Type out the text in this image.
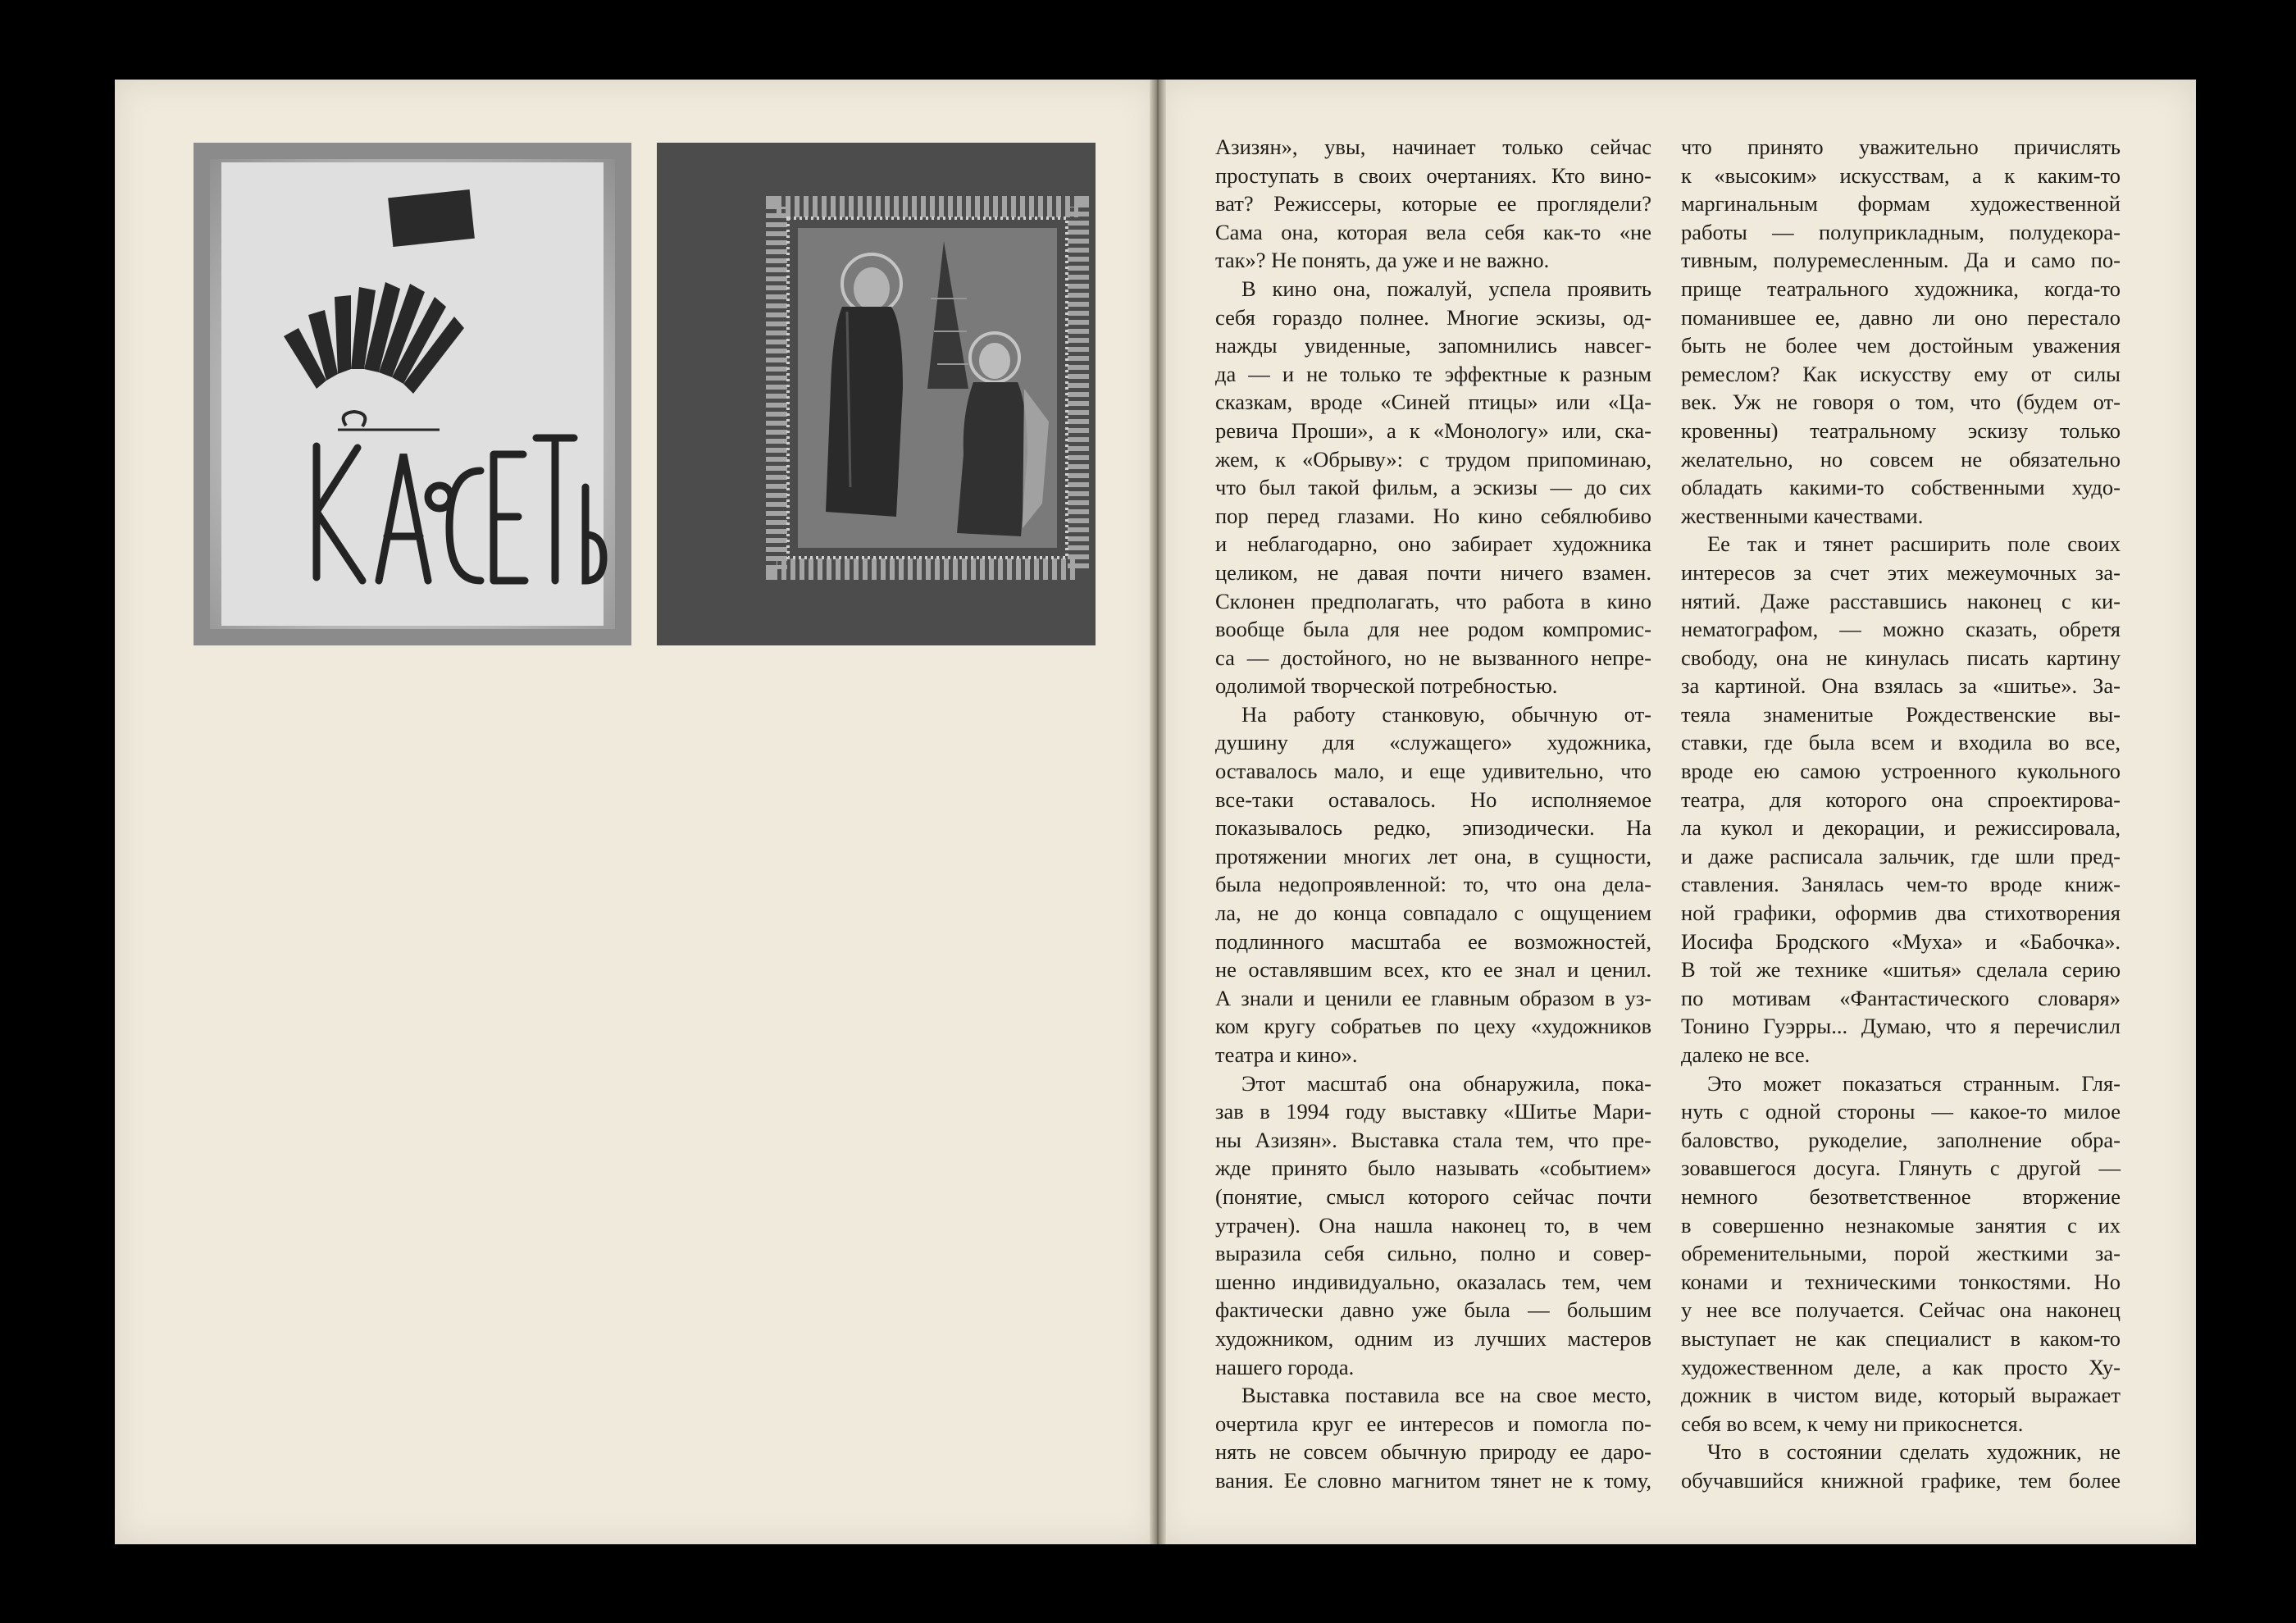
Азизян», увы, начинает только сейчас

проступать в своих очертаниях. Кто вино-

ват? Режиссеры, которые ее проглядели?

Сама она, которая вела себя как-то «не

так»? Не понять, да уже и не важно.

В кино она, пожалуй, успела проявить

себя гораздо полнее. Многие эскизы, од-

нажды увиденные, запомнились навсег-

да — и не только те эффектные к разным

сказкам, вроде «Синей птицы» или «Ца-

ревича Проши», а к «Монологу» или, ска-

жем, к «Обрыву»: с трудом припоминаю,

что был такой фильм, а эскизы — до сих

пор перед глазами. Но кино себялюбиво

и неблагодарно, оно забирает художника

целиком, не давая почти ничего взамен.

Склонен предполагать, что работа в кино

вообще была для нее родом компромис-

са — достойного, но не вызванного непре-

одолимой творческой потребностью.

На работу станковую, обычную от-

душину для «служащего» художника,

оставалось мало, и еще удивительно, что

все-таки оставалось. Но исполняемое

показывалось редко, эпизодически. На

протяжении многих лет она, в сущности,

была недопроявленной: то, что она дела-

ла, не до конца совпадало с ощущением

подлинного масштаба ее возможностей,

не оставлявшим всех, кто ее знал и ценил.

А знали и ценили ее главным образом в уз-

ком кругу собратьев по цеху «художников

театра и кино».

Этот масштаб она обнаружила, пока-

зав в 1994 году выставку «Шитье Мари-

ны Азизян». Выставка стала тем, что пре-

жде принято было называть «событием»

(понятие, смысл которого сейчас почти

утрачен). Она нашла наконец то, в чем

выразила себя сильно, полно и совер-

шенно индивидуально, оказалась тем, чем

фактически давно уже была — большим

художником, одним из лучших мастеров

нашего города.

Выставка поставила все на свое место,

очертила круг ее интересов и помогла по-

нять не совсем обычную природу ее даро-

вания. Ее словно магнитом тянет не к тому,

что принято уважительно причислять

к «высоким» искусствам, а к каким-то

маргинальным формам художественной

работы — полуприкладным, полудекора-

тивным, полуремесленным. Да и само по-

прище театрального художника, когда-то

поманившее ее, давно ли оно перестало

быть не более чем достойным уважения

ремеслом? Как искусству ему от силы

век. Уж не говоря о том, что (будем от-

кровенны) театральному эскизу только

желательно, но совсем не обязательно

обладать какими-то собственными худо-

жественными качествами.

Ее так и тянет расширить поле своих

интересов за счет этих межеумочных за-

нятий. Даже расставшись наконец с ки-

нематографом, — можно сказать, обретя

свободу, она не кинулась писать картину

за картиной. Она взялась за «шитье». За-

теяла знаменитые Рождественские вы-

ставки, где была всем и входила во все,

вроде ею самою устроенного кукольного

театра, для которого она спроектирова-

ла кукол и декорации, и режиссировала,

и даже расписала зальчик, где шли пред-

ставления. Занялась чем-то вроде книж-

ной графики, оформив два стихотворения

Иосифа Бродского «Муха» и «Бабочка».

В той же технике «шитья» сделала серию

по мотивам «Фантастического словаря»

Тонино Гуэрры... Думаю, что я перечислил

далеко не все.

Это может показаться странным. Гля-

нуть с одной стороны — какое-то милое

баловство, рукоделие, заполнение обра-

зовавшегося досуга. Глянуть с другой —

немного безответственное вторжение

в совершенно незнакомые занятия с их

обременительными, порой жесткими за-

конами и техническими тонкостями. Но

у нее все получается. Сейчас она наконец

выступает не как специалист в каком-то

художественном деле, а как просто Ху-

дожник в чистом виде, который выражает

себя во всем, к чему ни прикоснется.

Что в состоянии сделать художник, не

обучавшийся книжной графике, тем более
